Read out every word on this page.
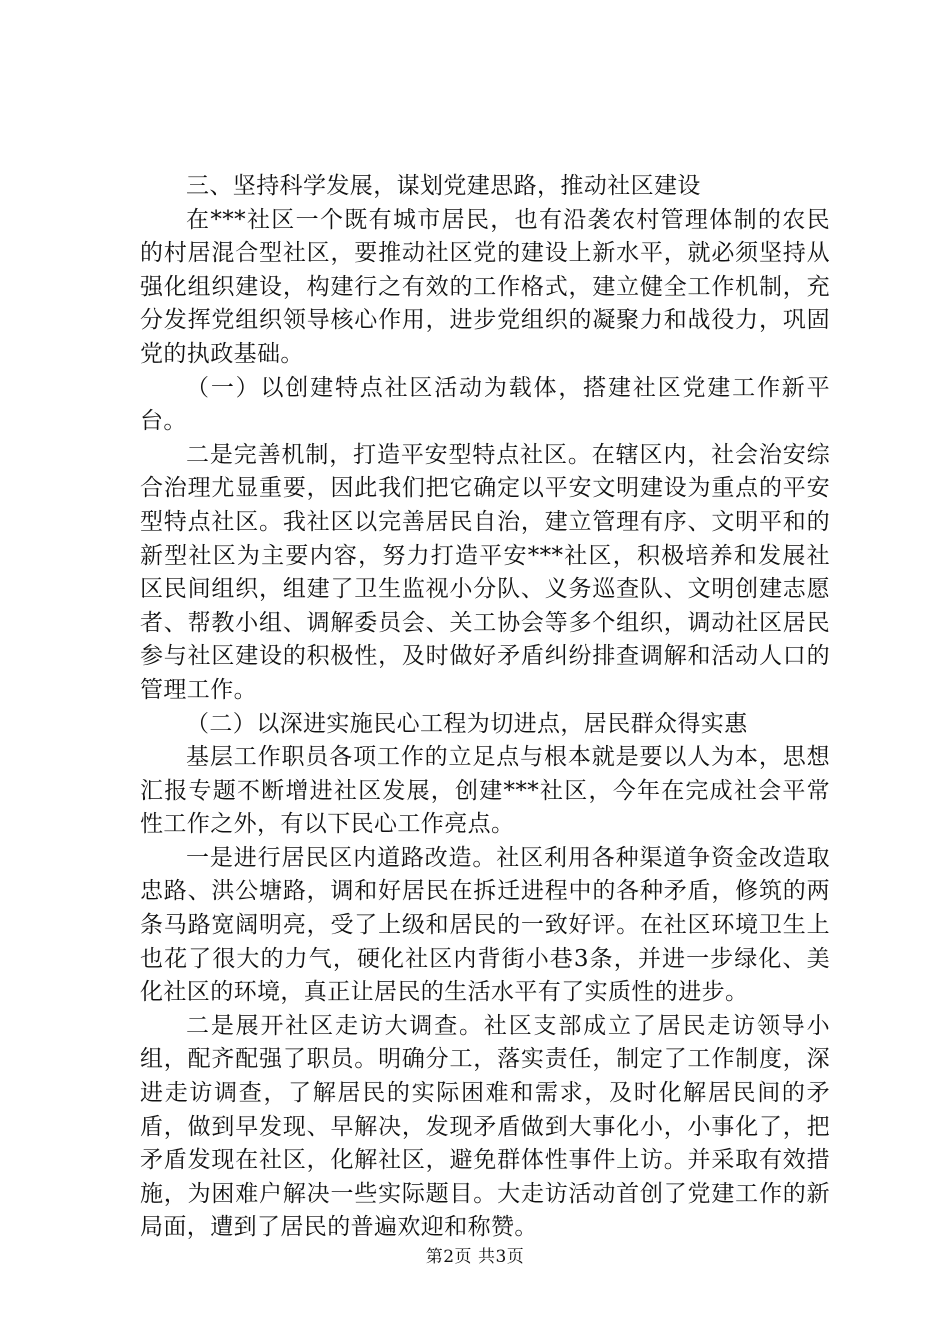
三、坚持科学发展，谋划党建思路，推动社区建设

在***社区一个既有城市居民，也有沿袭农村管理体制的农民的村居混合型社区，要推动社区党的建设上新水平，就必须坚持从强化组织建设，构建行之有效的工作格式，建立健全工作机制，充分发挥党组织领导核心作用，进步党组织的凝聚力和战役力，巩固党的执政基础。

（一）以创建特点社区活动为载体，搭建社区党建工作新平台。

二是完善机制，打造平安型特点社区。在辖区内，社会治安综合治理尤显重要，因此我们把它确定以平安文明建设为重点的平安型特点社区。我社区以完善居民自治，建立管理有序、文明平和的新型社区为主要内容，努力打造平安***社区，积极培养和发展社区民间组织，组建了卫生监视小分队、义务巡查队、文明创建志愿者、帮教小组、调解委员会、关工协会等多个组织，调动社区居民参与社区建设的积极性，及时做好矛盾纠纷排查调解和活动人口的管理工作。

（二）以深进实施民心工程为切进点，居民群众得实惠

基层工作职员各项工作的立足点与根本就是要以人为本，思想汇报专题不断增进社区发展，创建***社区，今年在完成社会平常性工作之外，有以下民心工作亮点。

一是进行居民区内道路改造。社区利用各种渠道争资金改造取忠路、洪公塘路，调和好居民在拆迁进程中的各种矛盾，修筑的两条马路宽阔明亮，受了上级和居民的一致好评。在社区环境卫生上也花了很大的力气，硬化社区内背街小巷3条，并进一步绿化、美化社区的环境，真正让居民的生活水平有了实质性的进步。

二是展开社区走访大调查。社区支部成立了居民走访领导小组，配齐配强了职员。明确分工，落实责任，制定了工作制度，深进走访调查，了解居民的实际困难和需求，及时化解居民间的矛盾，做到早发现、早解决，发现矛盾做到大事化小，小事化了，把矛盾发现在社区，化解社区，避免群体性事件上访。并采取有效措施，为困难户解决一些实际题目。大走访活动首创了党建工作的新局面，遭到了居民的普遍欢迎和称赞。

第2页 共3页
